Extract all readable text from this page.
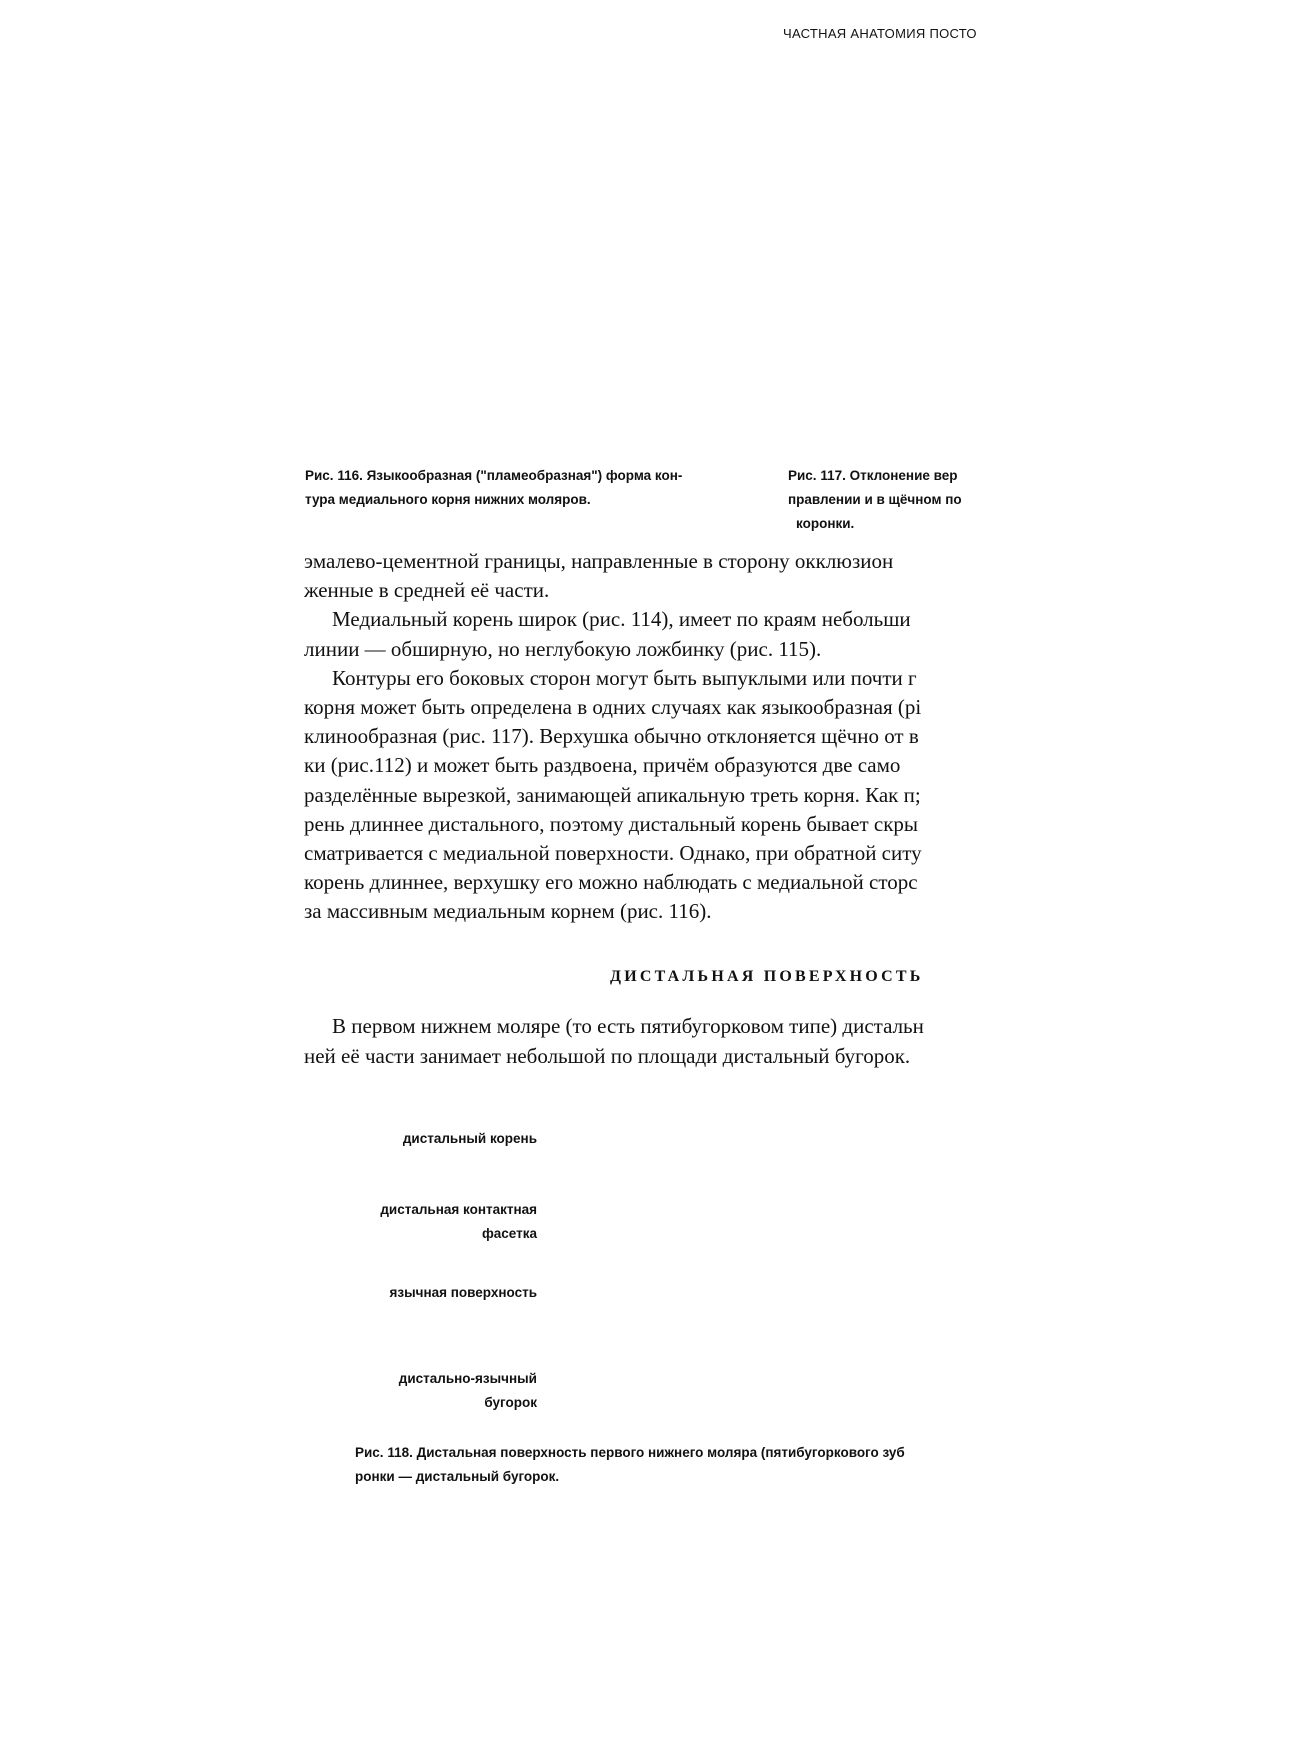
ЧАСТНАЯ АНАТОМИЯ ПОСТО
Рис. 116. Языкообразная ("пламеобразная") форма кон-
тура медиального корня нижних моляров.
Рис. 117. Отклонение вер
правлении и в щёчном по
коронки.
эмалево-цементной границы, направленные в сторону окклюзион
женные в средней её части.
Медиальный корень широк (рис. 114), имеет по краям небольши
линии — обширную, но неглубокую ложбинку (рис. 115).
Контуры его боковых сторон могут быть выпуклыми или почти г
корня может быть определена в одних случаях как языкообразная (рі
клинообразная (рис. 117). Верхушка обычно отклоняется щёчно от в
ки (рис.112) и может быть раздвоена, причём образуются две само
разделённые вырезкой, занимающей апикальную треть корня. Как п;
рень длиннее дистального, поэтому дистальный корень бывает скры
сматривается с медиальной поверхности. Однако, при обратной ситу
корень длиннее, верхушку его можно наблюдать с медиальной сторс
за массивным медиальным корнем (рис. 116).
ДИСТАЛЬНАЯ ПОВЕРХНОСТЬ
В первом нижнем моляре (то есть пятибугорковом типе) дистальн
ней её части занимает небольшой по площади дистальный бугорок.
дистальный корень
дистальная контактная
фасетка
язычная поверхность
дистально-язычный
бугорок
Рис. 118. Дистальная поверхность первого нижнего моляра (пятибугоркового зуб
ронки — дистальный бугорок.
